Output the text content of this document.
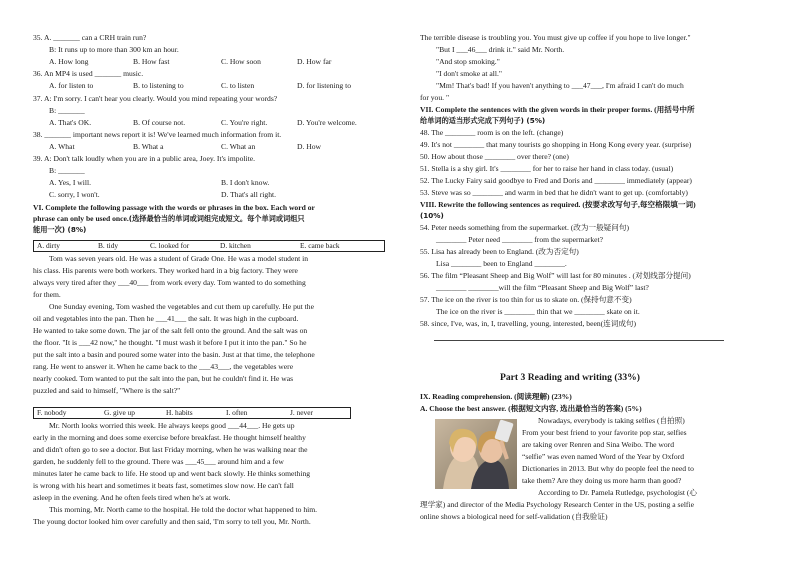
35. A. _______ can a CRH train run?
B: It runs up to more than 300 km an hour.
A. How long	B. How fast	C. How soon	D. How far
36. An MP4 is used _______ music.
A. for listen to	B. to listening to	C. to listen	D. for listening to
37. A: I'm sorry. I can't hear you clearly. Would you mind repeating your words?
B: _______
A. That's OK.	B. Of course not.	C. You're right.	D. You're welcome.
38. _______ important news report it is! We've learned much information from it.
A. What	B. What a	C. What an	D. How
39. A: Don't talk loudly when you are in a public area, Joey. It's impolite.
B: _______
A. Yes, I will.	B. I don't know.
C. sorry, I won't.	D. That's all right.
VI. Complete the following passage with the words or phrases in the box. Each word or
phrase can only be used once.(选择最恰当的单词或词组完成短文。每个单词或词组只
能用一次) (8%)
A. dirty	B. tidy	C. looked for	D. kitchen	E. came back
Tom was seven years old. He was a student of Grade One. He was a model student in
his class. His parents were both workers. They worked hard in a big factory. They were
always very tired after they ___40___ from work every day. Tom wanted to do something
for them.
One Sunday evening, Tom washed the vegetables and cut them up carefully. He put the
oil and vegetables into the pan. Then he ___41___ the salt. It was high in the cupboard.
He wanted to take some down. The jar of the salt fell onto the ground. And the salt was on
the floor. "It is ___42 now," he thought. "I must wash it before I put it into the pan." So he
put the salt into a basin and poured some water into the basin. Just at that time, the telephone
rang. He went to answer it. When he came back to the ___43___, the vegetables were
nearly cooked. Tom wanted to put the salt into the pan, but he couldn't find it. He was
puzzled and said to himself, "Where is the salt?"
F. nobody	G. give up	H. habits	I. often	J. never
Mr. North looks worried this week. He always keeps good ___44___. He gets up
early in the morning and does some exercise before breakfast. He thought himself healthy
and didn't often go to see a doctor. But last Friday morning, when he was walking near the
garden, he suddenly fell to the ground. There was ___45___ around him and a few
minutes later he came back to life. He stood up and went back slowly. He thinks something
is wrong with his heart and sometimes it beats fast, sometimes slow now. He can't fall
asleep in the evening. And he often feels tired when he's at work.
This morning, Mr. North came to the hospital. He told the doctor what happened to him.
The young doctor looked him over carefully and then said, 'I'm sorry to tell you, Mr. North.
The terrible disease is troubling you. You must give up coffee if you hope to live longer."
"But I ___46___ drink it." said Mr. North.
"And stop smoking."
"I don't smoke at all."
"Mm! That's bad! If you haven't anything to ___47___, I'm afraid I can't do much
for you. "
VII. Complete the sentences with the given words in their proper forms. (用括号中所
给单词的适当形式完成下列句子) (5%)
48. The ________ room is on the left. (change)
49. It's not ________ that many tourists go shopping in Hong Kong every year. (surprise)
50. How about those ________ over there? (one)
51. Stella is a shy girl. It's ________ for her to raise her hand in class today. (usual)
52. The Lucky Fairy said goodbye to Fred and Doris and ________ immediately (appear)
53. Steve was so ________ and warm in bed that he didn't want to get up. (comfortably)
VIII. Rewrite the following sentences as required. (按要求改写句子,每空格限填一词)
(10%)
54. Peter needs something from the supermarket. (改为一般疑问句)
________ Peter need ________ from the supermarket?
55. Lisa has already been to England. (改为否定句)
Lisa ________ been to England ________.
56. The film “Pleasant Sheep and Big Wolf” will last for 80 minutes . (对划线部分提问)
________ ________will the film “Pleasant Sheep and Big Wolf” last?
57. The ice on the river is too thin for us to skate on. (保持句意不变)
The ice on the river is ________ thin that we ________ skate on it.
58. since, I've, was, in, I, travelling, young, interested, been(连词成句)
Part 3 Reading and writing (33%)
IX. Reading comprehension. (阅读理解) (23%)
A. Choose the best answer. (根据短文内容, 选出最恰当的答案) (5%)
Nowadays, everybody is taking selfies (自拍照)
From your best friend to your favorite pop star, selfies
are taking over Renren and Sina Weibo. The word
“selfie” was even named Word of the Year by Oxford
Dictionaries in 2013. But why do people feel the need to
take them? Are they doing us more harm than good?
According to Dr. Pamela Rutledge, psychologist (心
理学家) and director of the Media Psychology Research Center in the US, posting a selfie
online shows a biological need for self-validation (自我验证)
